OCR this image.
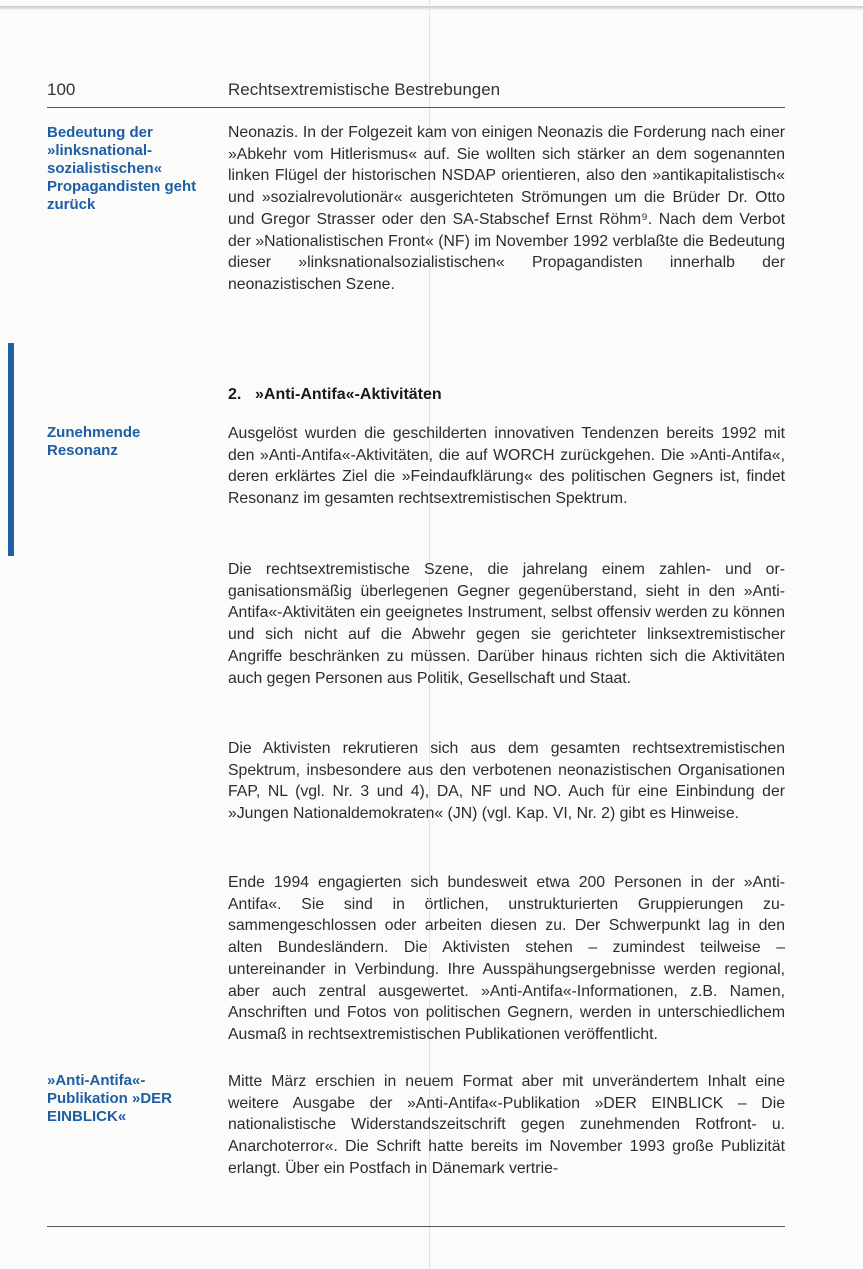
100	Rechtsextremistische Bestrebungen
Bedeutung der »linksnational-sozialistischen« Propagandisten geht zurück
Zunehmende Resonanz
»Anti-Antifa«-Publikation »DER EINBLICK«

Neonazis. In der Folgezeit kam von einigen Neonazis die Forderung nach einer »Abkehr vom Hitlerismus« auf. Sie wollten sich stärker an dem sogenannten linken Flügel der historischen NSDAP orientieren, also den »antikapitalistisch« und »sozialrevolutionär« ausgerichteten Strömungen um die Brüder Dr. Otto und Gregor Strasser oder den SA-Stabschef Ernst Röhm⁹. Nach dem Verbot der »Nationalistischen Front« (NF) im November 1992 verblaßte die Bedeutung dieser »linksnationalsozialistischen« Propagandisten innerhalb der neonazistischen Szene.

2. »Anti-Antifa«-Aktivitäten

Ausgelöst wurden die geschilderten innovativen Tendenzen bereits 1992 mit den »Anti-Antifa«-Aktivitäten, die auf WORCH zurückgehen. Die »Anti-Antifa«, deren erklärtes Ziel die »Feindaufklärung« des politischen Gegners ist, findet Resonanz im gesamten rechtsextremistischen Spektrum.

Die rechtsextremistische Szene, die jahrelang einem zahlen- und organisationsmäßig überlegenen Gegner gegenüberstand, sieht in den »Anti-Antifa«-Aktivitäten ein geeignetes Instrument, selbst offensiv werden zu können und sich nicht auf die Abwehr gegen sie gerichteter linksextremistischer Angriffe beschränken zu müssen. Darüber hinaus richten sich die Aktivitäten auch gegen Personen aus Politik, Gesellschaft und Staat.

Die Aktivisten rekrutieren sich aus dem gesamten rechtsextremistischen Spektrum, insbesondere aus den verbotenen neonazistischen Organisationen FAP, NL (vgl. Nr. 3 und 4), DA, NF und NO. Auch für eine Einbindung der »Jungen Nationaldemokraten« (JN) (vgl. Kap. VI, Nr. 2) gibt es Hinweise.

Ende 1994 engagierten sich bundesweit etwa 200 Personen in der »Anti-Antifa«. Sie sind in örtlichen, unstrukturierten Gruppierungen zusammengeschlossen oder arbeiten diesen zu. Der Schwerpunkt lag in den alten Bundesländern. Die Aktivisten stehen – zumindest teilweise – untereinander in Verbindung. Ihre Ausspähungsergebnisse werden regional, aber auch zentral ausgewertet. »Anti-Antifa«-Informationen, z.B. Namen, Anschriften und Fotos von politischen Gegnern, werden in unterschiedlichem Ausmaß in rechtsextremistischen Publikationen veröffentlicht.

Mitte März erschien in neuem Format aber mit unverändertem Inhalt eine weitere Ausgabe der »Anti-Antifa«-Publikation »DER EINBLICK – Die nationalistische Widerstandszeitschrift gegen zunehmenden Rotfront- u. Anarchoterror«. Die Schrift hatte bereits im November 1993 große Publizität erlangt. Über ein Postfach in Dänemark vertrie-
